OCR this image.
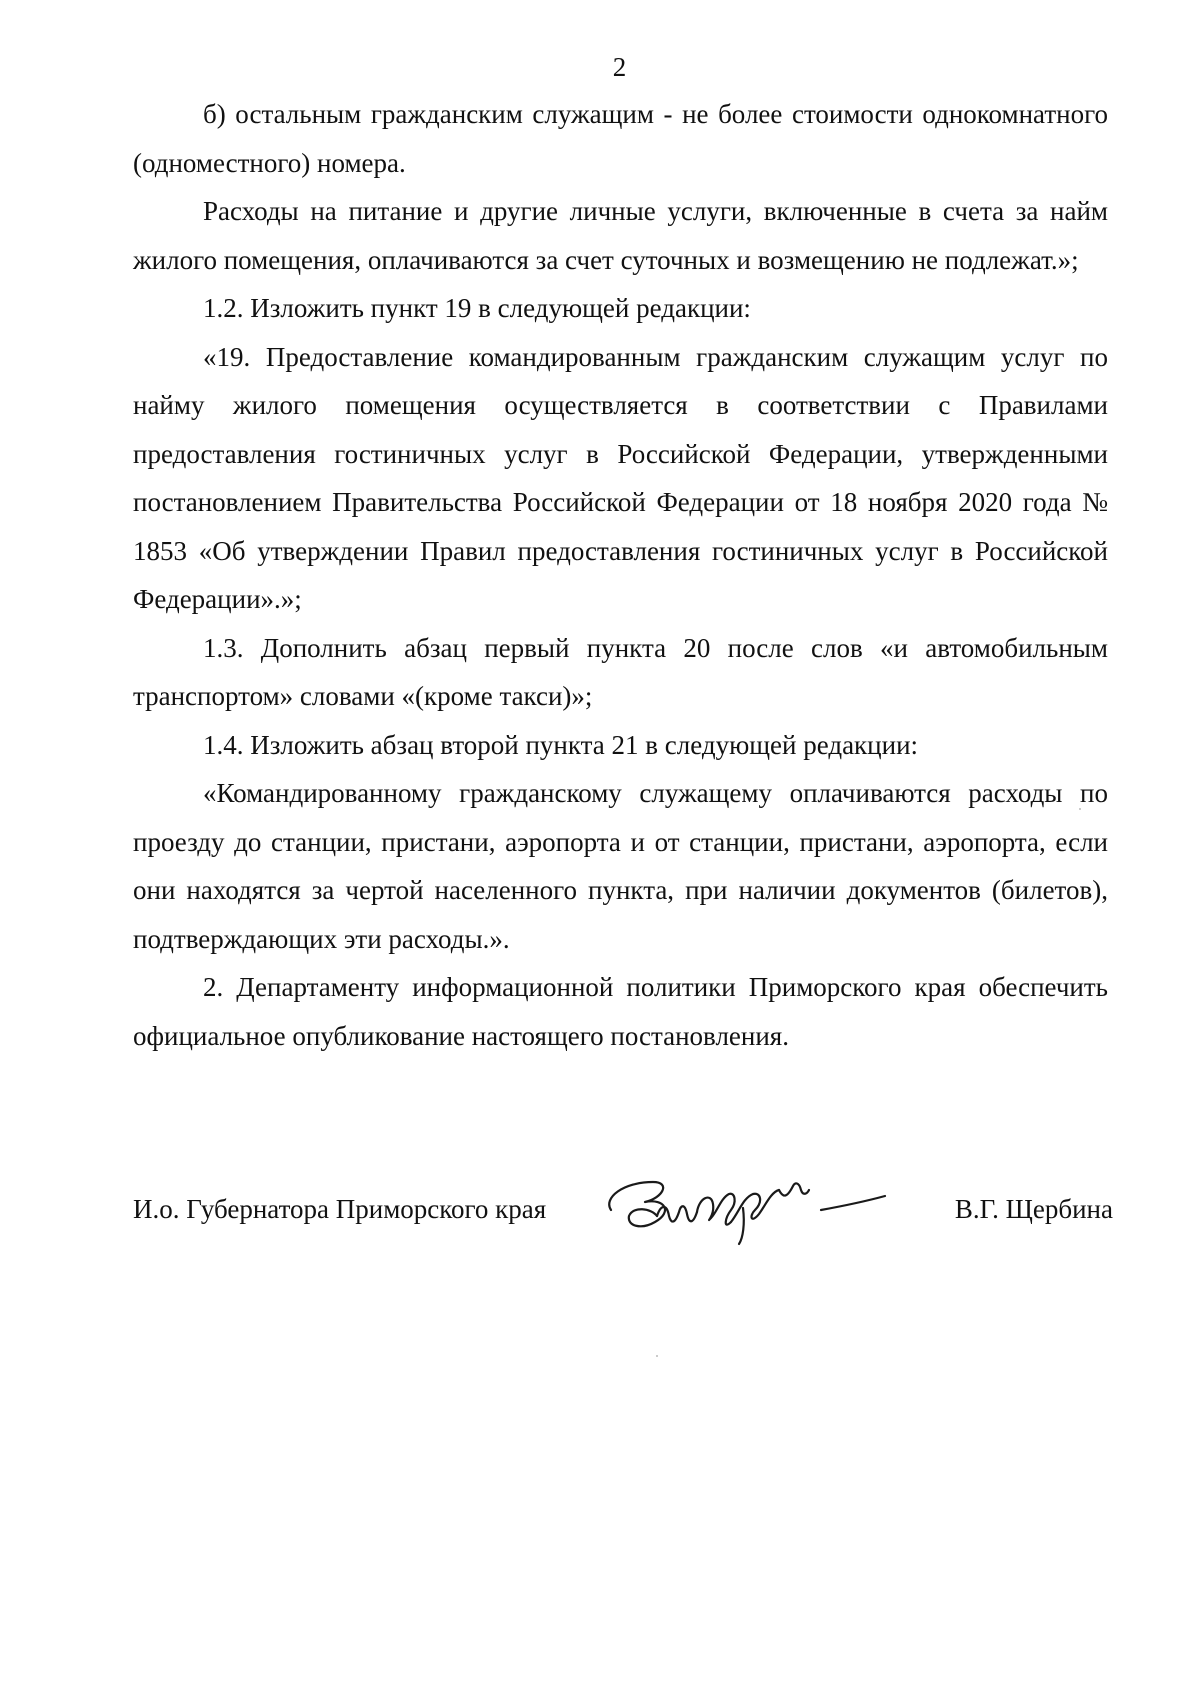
2

б) остальным гражданским служащим - не более стоимости однокомнатного (одноместного) номера.

Расходы на питание и другие личные услуги, включенные в счета за найм жилого помещения, оплачиваются за счет суточных и возмещению не подлежат.»;

1.2. Изложить пункт 19 в следующей редакции:

«19. Предоставление командированным гражданским служащим услуг по найму жилого помещения осуществляется в соответствии с Правилами предоставления гостиничных услуг в Российской Федерации, утвержденными постановлением Правительства Российской Федерации от 18 ноября 2020 года № 1853 «Об утверждении Правил предоставления гостиничных услуг в Российской Федерации».»;

1.3. Дополнить абзац первый пункта 20 после слов «и автомобильным транспортом» словами «(кроме такси)»;

1.4. Изложить абзац второй пункта 21 в следующей редакции:

«Командированному гражданскому служащему оплачиваются расходы по проезду до станции, пристани, аэропорта и от станции, пристани, аэропорта, если они находятся за чертой населенного пункта, при наличии документов (билетов), подтверждающих эти расходы.».

2. Департаменту информационной политики Приморского края обеспечить официальное опубликование настоящего постановления.

И.о. Губернатора Приморского края	В.Г. Щербина
